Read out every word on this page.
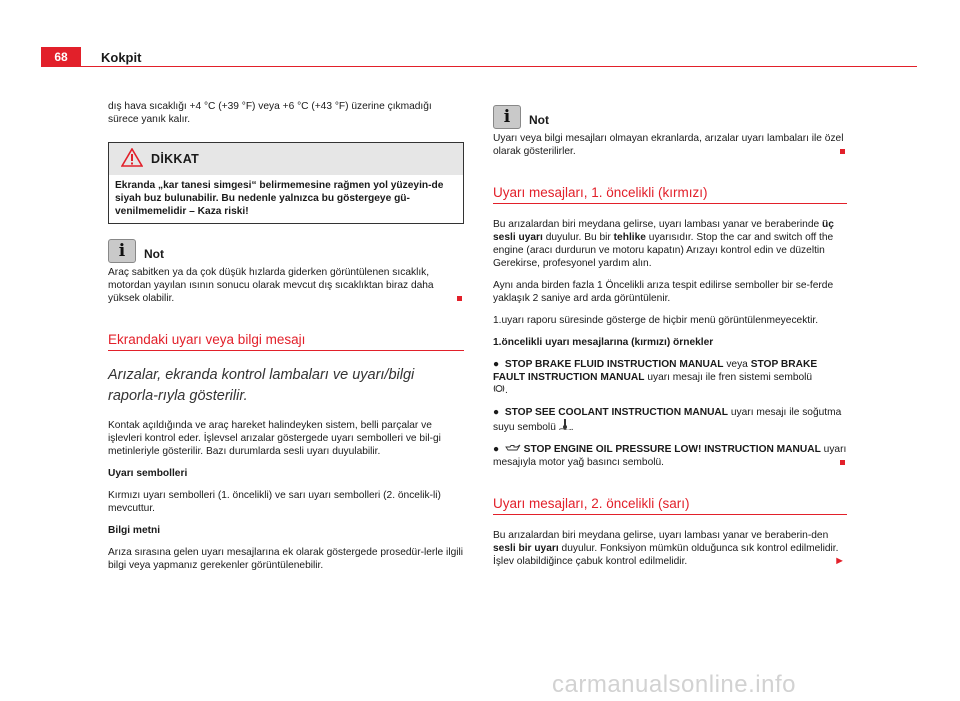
68	Kokpit

dış hava sıcaklığı +4 °C (+39 °F) veya +6 °C (+43 °F) üzerine çıkmadığı sürece yanık kalır.

DİKKAT
Ekranda „kar tanesi simgesi“ belirmemesine rağmen yol yüzeyin-de siyah buz bulunabilir. Bu nedenle yalnızca bu göstergeye gü-venilmemelidir – Kaza riski!
i	Not

Araç sabitken ya da çok düşük hızlarda giderken görüntülenen sıcaklık, motordan yayılan ısının sonucu olarak mevcut dış sıcaklıktan biraz daha yüksek olabilir.

Ekrandaki uyarı veya bilgi mesajı
Arızalar, ekranda kontrol lambaları ve uyarı/bilgi raporla-rıyla gösterilir.

Kontak açıldığında ve araç hareket halindeyken sistem, belli parçalar ve işlevleri kontrol eder. İşlevsel arızalar göstergede uyarı sembolleri ve bil-gi metinleriyle gösterilir. Bazı durumlarda sesli uyarı duyulabilir.

Uyarı sembolleri

Kırmızı uyarı sembolleri (1. öncelikli) ve sarı uyarı sembolleri (2. öncelik-li) mevcuttur.

Bilgi metni

Arıza sırasına gelen uyarı mesajlarına ek olarak göstergede prosedür-lerle ilgili bilgi veya yapmanız gerekenler görüntülenebilir.

i	Not

Uyarı veya bilgi mesajları olmayan ekranlarda, arızalar uyarı lambaları ile özel olarak gösterilirler.

Uyarı mesajları, 1. öncelikli (kırmızı)

Bu arızalardan biri meydana gelirse, uyarı lambası yanar ve beraberinde üç sesli uyarı duyulur. Bu bir tehlike uyarısıdır. Stop the car and switch off the engine (aracı durdurun ve motoru kapatın) Arızayı kontrol edin ve düzeltin Gerekirse, profesyonel yardım alın.

Aynı anda birden fazla 1 Öncelikli arıza tespit edilirse semboller bir se-ferde yaklaşık 2 saniye ard arda görüntülenir.

1.uyarı raporu süresinde gösterge de hiçbir menü görüntülenmeyecektir.

1.öncelikli uyarı mesajlarına (kırmızı) örnekler

●  STOP BRAKE FLUID INSTRUCTION MANUAL veya STOP BRAKE FAULT INSTRUCTION MANUAL uyarı mesajı ile fren sistemi sembolü
.

●  STOP SEE COOLANT INSTRUCTION MANUAL uyarı mesajı ile soğutma suyu sembolü .

●   STOP ENGINE OIL PRESSURE LOW! INSTRUCTION MANUAL uyarı mesajıyla motor yağ basıncı sembolü.

Uyarı mesajları, 2. öncelikli (sarı)

Bu arızalardan biri meydana gelirse, uyarı lambası yanar ve beraberin-den sesli bir uyarı duyulur. Fonksiyon mümkün olduğunca sık kontrol edilmelidir. İşlev olabildiğince çabuk kontrol edilmelidir.	►

carmanualsonline.info
